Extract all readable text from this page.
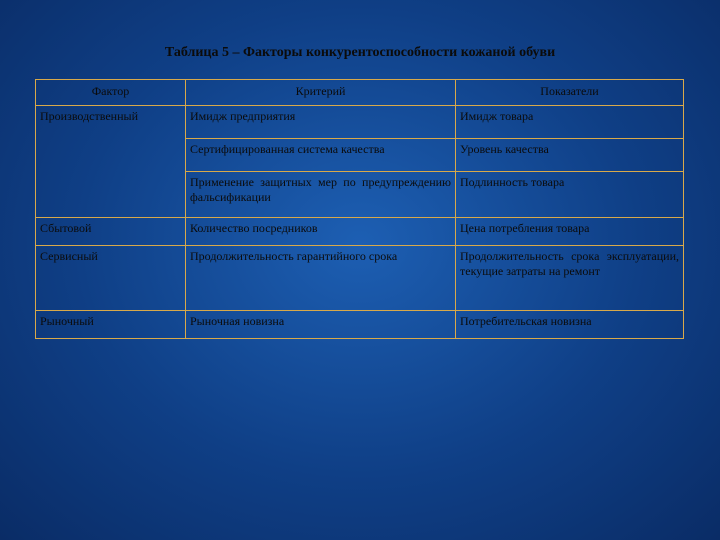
Таблица 5 – Факторы конкурентоспособности кожаной обуви
Фактор	Критерий	Показатели
Производственный	Имидж предприятия	Имидж товара
	Сертифицированная система качества	Уровень качества
	Применение защитных мер по предупреждению фальсификации	Подлинность товара
Сбытовой	Количество посредников	Цена потребления товара
Сервисный	Продолжительность гарантийного срока	Продолжительность срока эксплуатации, текущие затраты на ремонт
Рыночный	Рыночная новизна	Потребительская новизна
